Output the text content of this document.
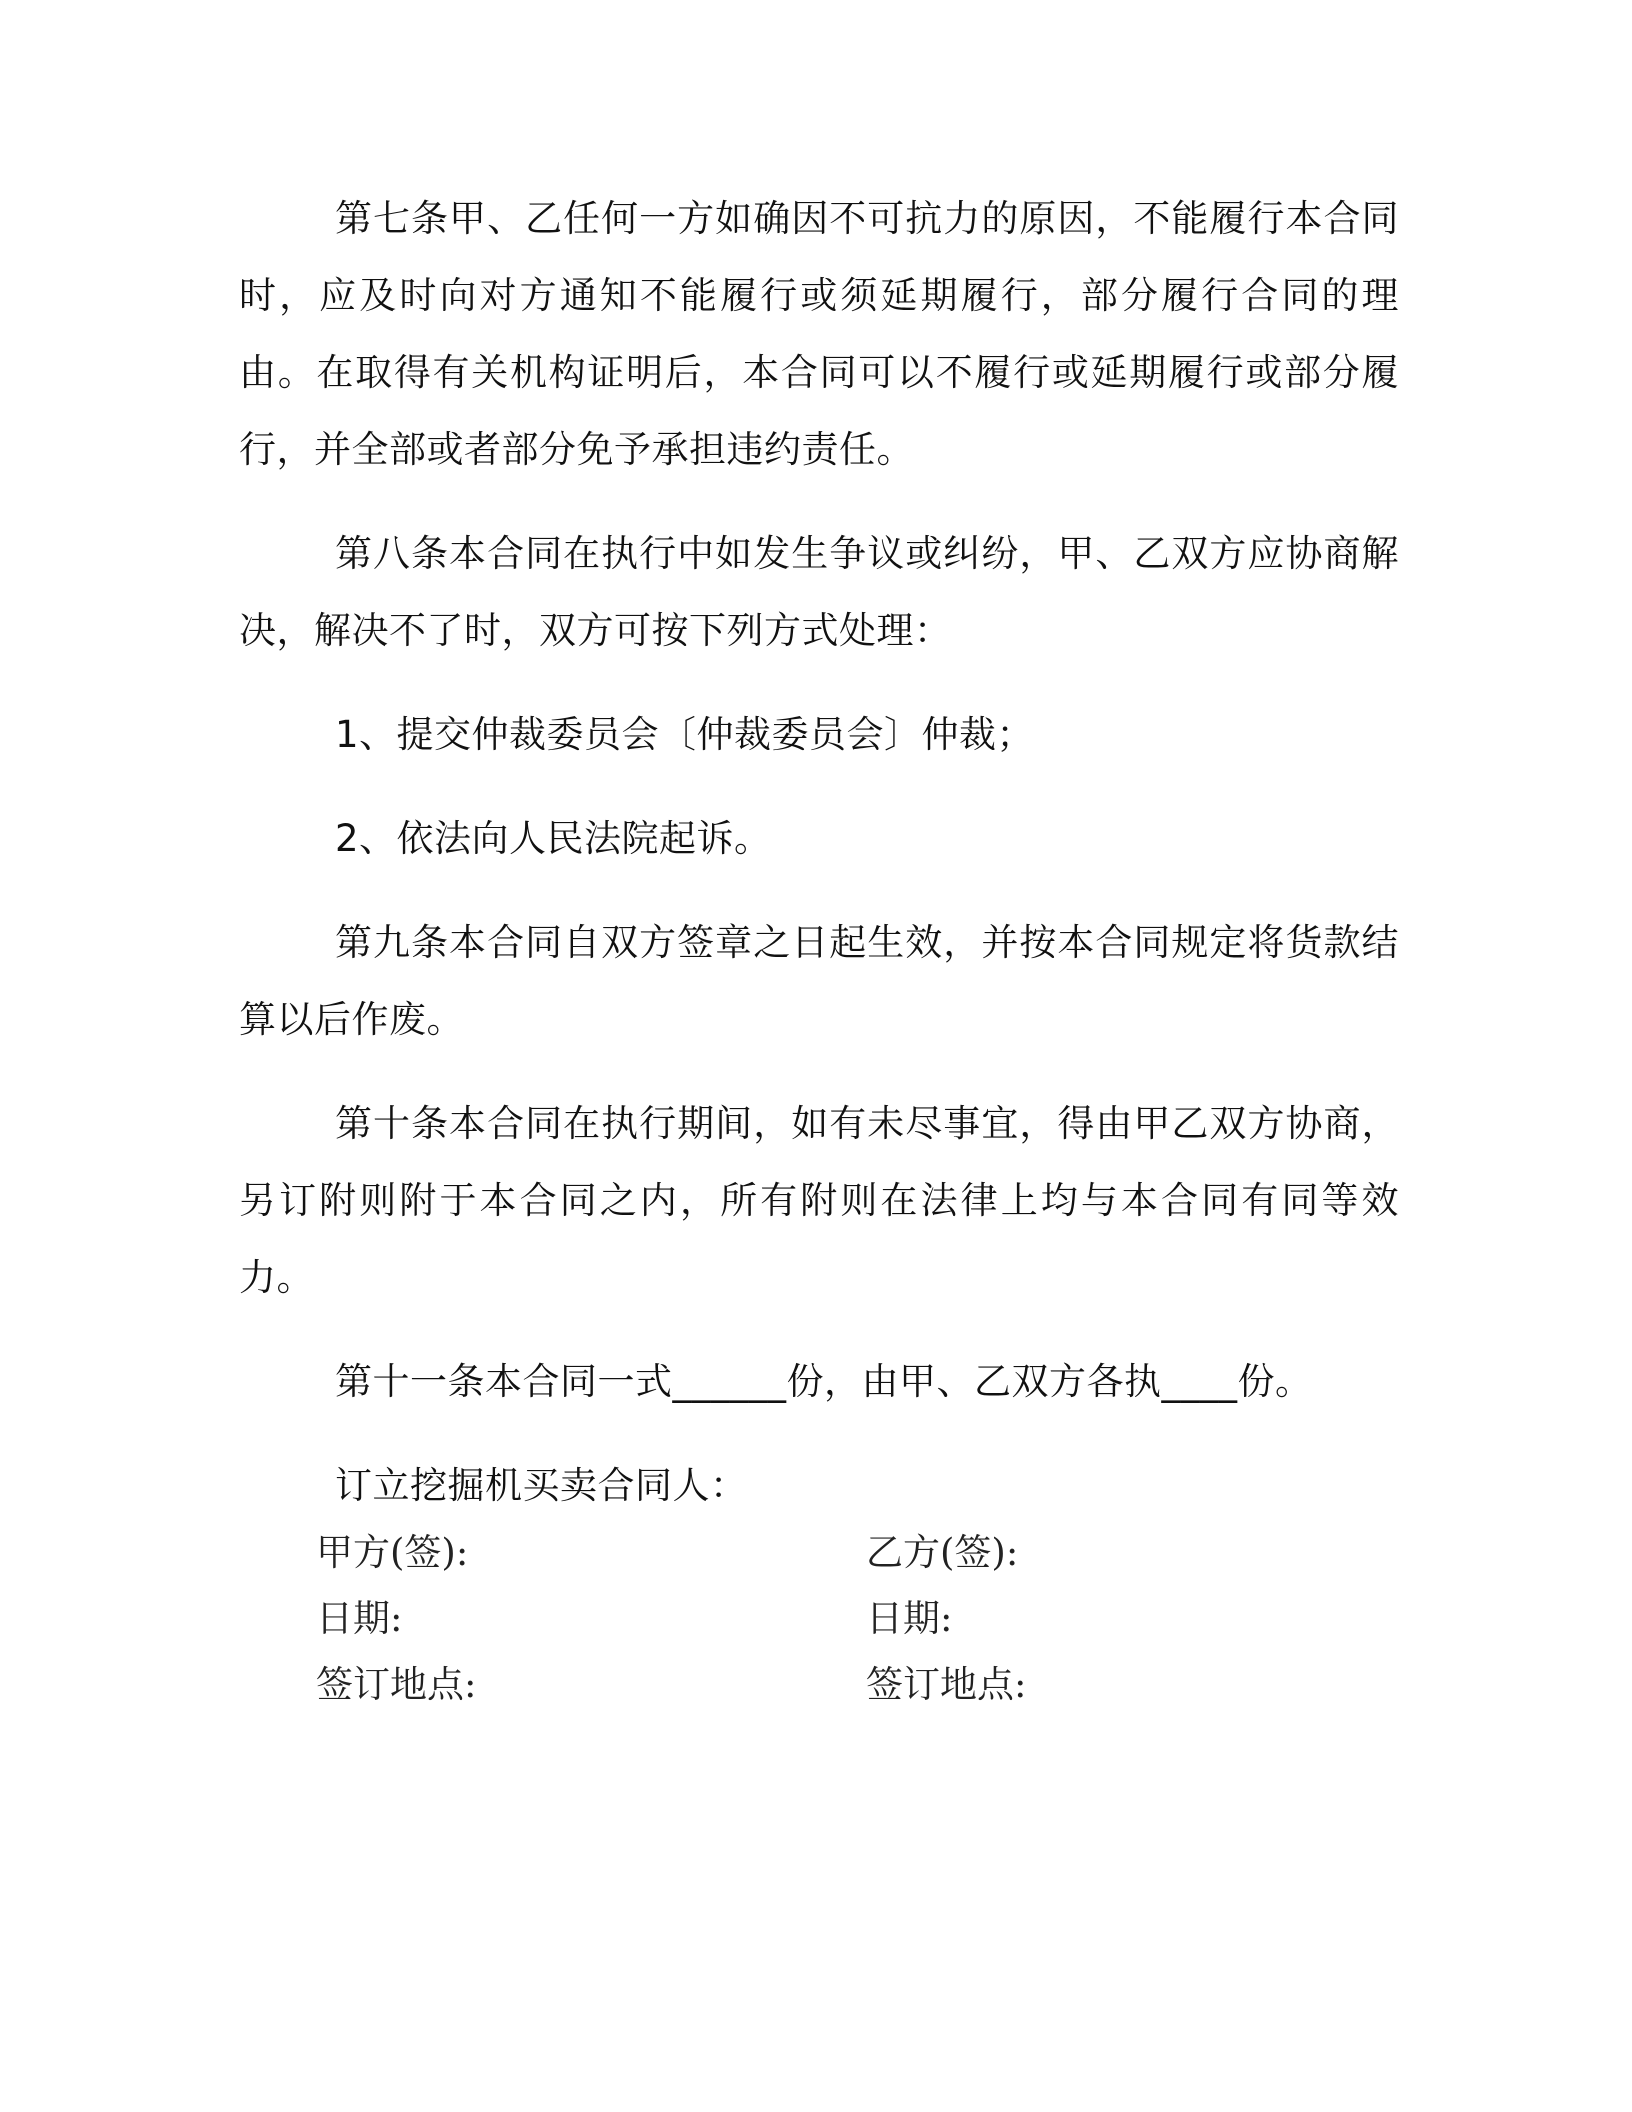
第七条甲、乙任何一方如确因不可抗力的原因，不能履行本合同时，应及时向对方通知不能履行或须延期履行，部分履行合同的理由。在取得有关机构证明后，本合同可以不履行或延期履行或部分履行，并全部或者部分免予承担违约责任。

第八条本合同在执行中如发生争议或纠纷，甲、乙双方应协商解决，解决不了时，双方可按下列方式处理：

1、提交仲裁委员会〔仲裁委员会〕仲裁；

2、依法向人民法院起诉。

第九条本合同自双方签章之日起生效，并按本合同规定将货款结算以后作废。

第十条本合同在执行期间，如有未尽事宜，得由甲乙双方协商，另订附则附于本合同之内，所有附则在法律上均与本合同有同等效力。

第十一条本合同一式______份，由甲、乙双方各执____份。

订立挖掘机买卖合同人：

甲方(签):
日期:
签订地点:
乙方(签):
日期:
签订地点:
